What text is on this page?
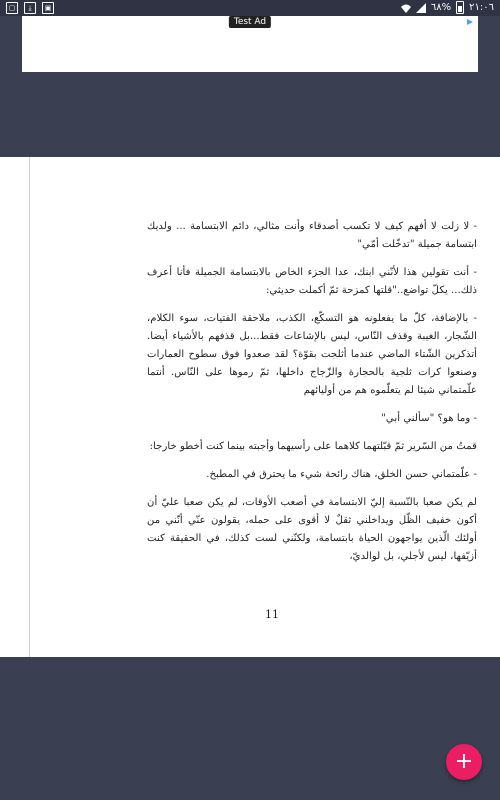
▢	⤓	▣	٦٨% ٢١:٠٦
Test Ad

- لا زلت لا أفهم كيف لا تكسب أصدقاء وأنت مثالي، دائم الابتسامة ... ولديك ابتسامة جميلة "تدخّلت أمّي"

- أنت تقولين هذا لأنّني ابنك، عدا الجزء الخاص بالابتسامة الجميلة فأنا أعرف ذلك... يكلّ تواضع.."قلتها كمزحة ثمّ أكملت حديثي:

- بالإضافة، كلّ ما يفعلونه هو التسكّع، الكذب، ملاحقة الفتيات، سوء الكلام، الشّجار، الغيبة وقذف النّاس، ليس بالإشاعات فقط...بل قذفهم بالأشياء أيضا. أتذكرين الشّتاء الماضي عندما أثلجت بقوّة؟ لقد صعدوا فوق سطوح العمارات وصنعوا كرات ثلجية بالحجارة والزّجاج داخلها، ثمّ رموها على النّاس. أنتما علّمتماني شيئا لم يتعلّموه هم من أوليائهم

- وما هو؟ "سألني أبي"

قمتُ من السّرير ثمّ قبّلتهما كلاهما على رأسيهما وأجبته بينما كنت أخطو خارجا:

- علّمتماني حسن الخلق، هناك رائحة شيء ما يحترق في المطبخ.

لم يكن صعبا بالنّسبة إليّ الابتسامة في أصعب الأوقات، لم يكن صعبا عليّ أن أكون خفيف الظّل ويداخلني ثقلٌ لا أقوى على حمله، يقولون عنّي أنّني من أولئك الّذين يواجهون الحياة بابتسامة، ولكنّني لست كذلك، في الحقيقة كنت أزيّفها، ليس لأجلي، بل لوالديّ،

11
+
